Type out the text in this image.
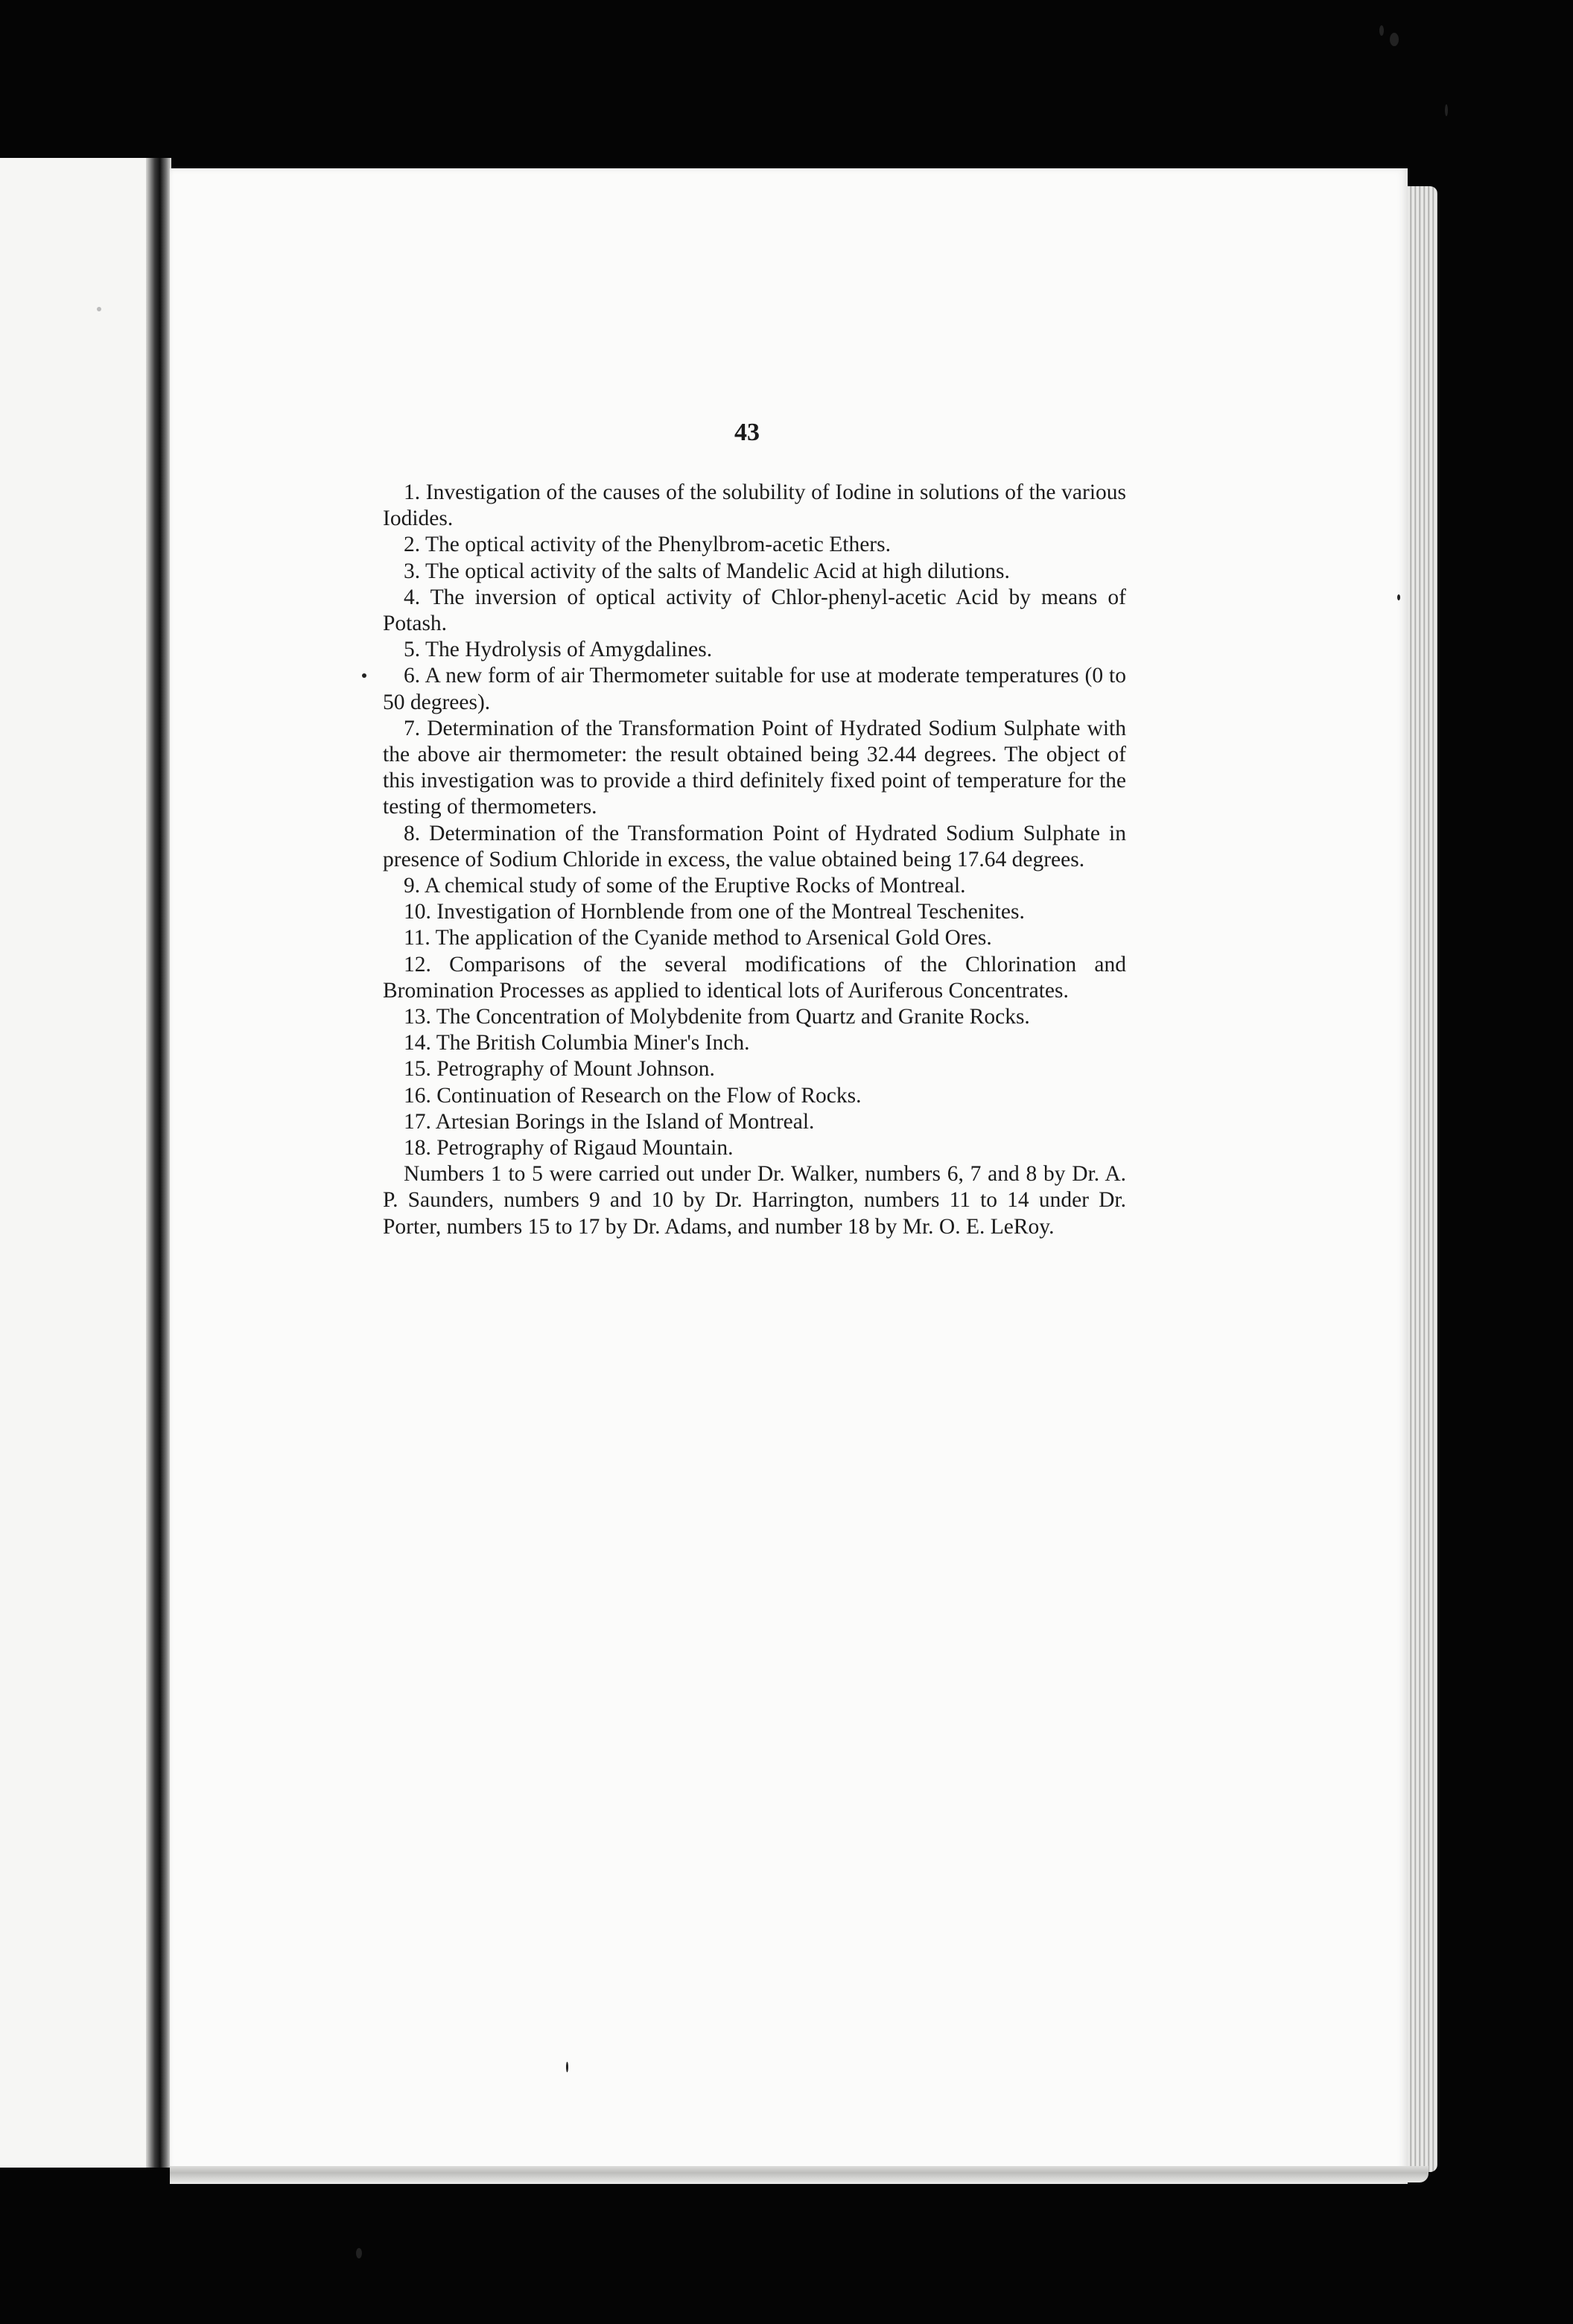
43

1. Investigation of the causes of the solubility of Iodine in solutions of the various Iodides.

2. The optical activity of the Phenylbrom-acetic Ethers.

3. The optical activity of the salts of Mandelic Acid at high dilutions.

4. The inversion of optical activity of Chlor-phenyl-acetic Acid by means of Potash.

5. The Hydrolysis of Amygdalines.

6. A new form of air Thermometer suitable for use at moderate temperatures (0 to 50 degrees).

7. Determination of the Transformation Point of Hydrated Sodium Sulphate with the above air thermometer: the result obtained being 32.44 degrees. The object of this investigation was to provide a third definitely fixed point of temperature for the testing of thermometers.

8. Determination of the Transformation Point of Hydrated Sodium Sulphate in presence of Sodium Chloride in excess, the value obtained being 17.64 degrees.

9. A chemical study of some of the Eruptive Rocks of Montreal.

10. Investigation of Hornblende from one of the Montreal Teschenites.

11. The application of the Cyanide method to Arsenical Gold Ores.

12. Comparisons of the several modifications of the Chlorination and Bromination Processes as applied to identical lots of Auriferous Concentrates.

13. The Concentration of Molybdenite from Quartz and Granite Rocks.

14. The British Columbia Miner's Inch.

15. Petrography of Mount Johnson.

16. Continuation of Research on the Flow of Rocks.

17. Artesian Borings in the Island of Montreal.

18. Petrography of Rigaud Mountain.

Numbers 1 to 5 were carried out under Dr. Walker, numbers 6, 7 and 8 by Dr. A. P. Saunders, numbers 9 and 10 by Dr. Harrington, numbers 11 to 14 under Dr. Porter, numbers 15 to 17 by Dr. Adams, and number 18 by Mr. O. E. LeRoy.
